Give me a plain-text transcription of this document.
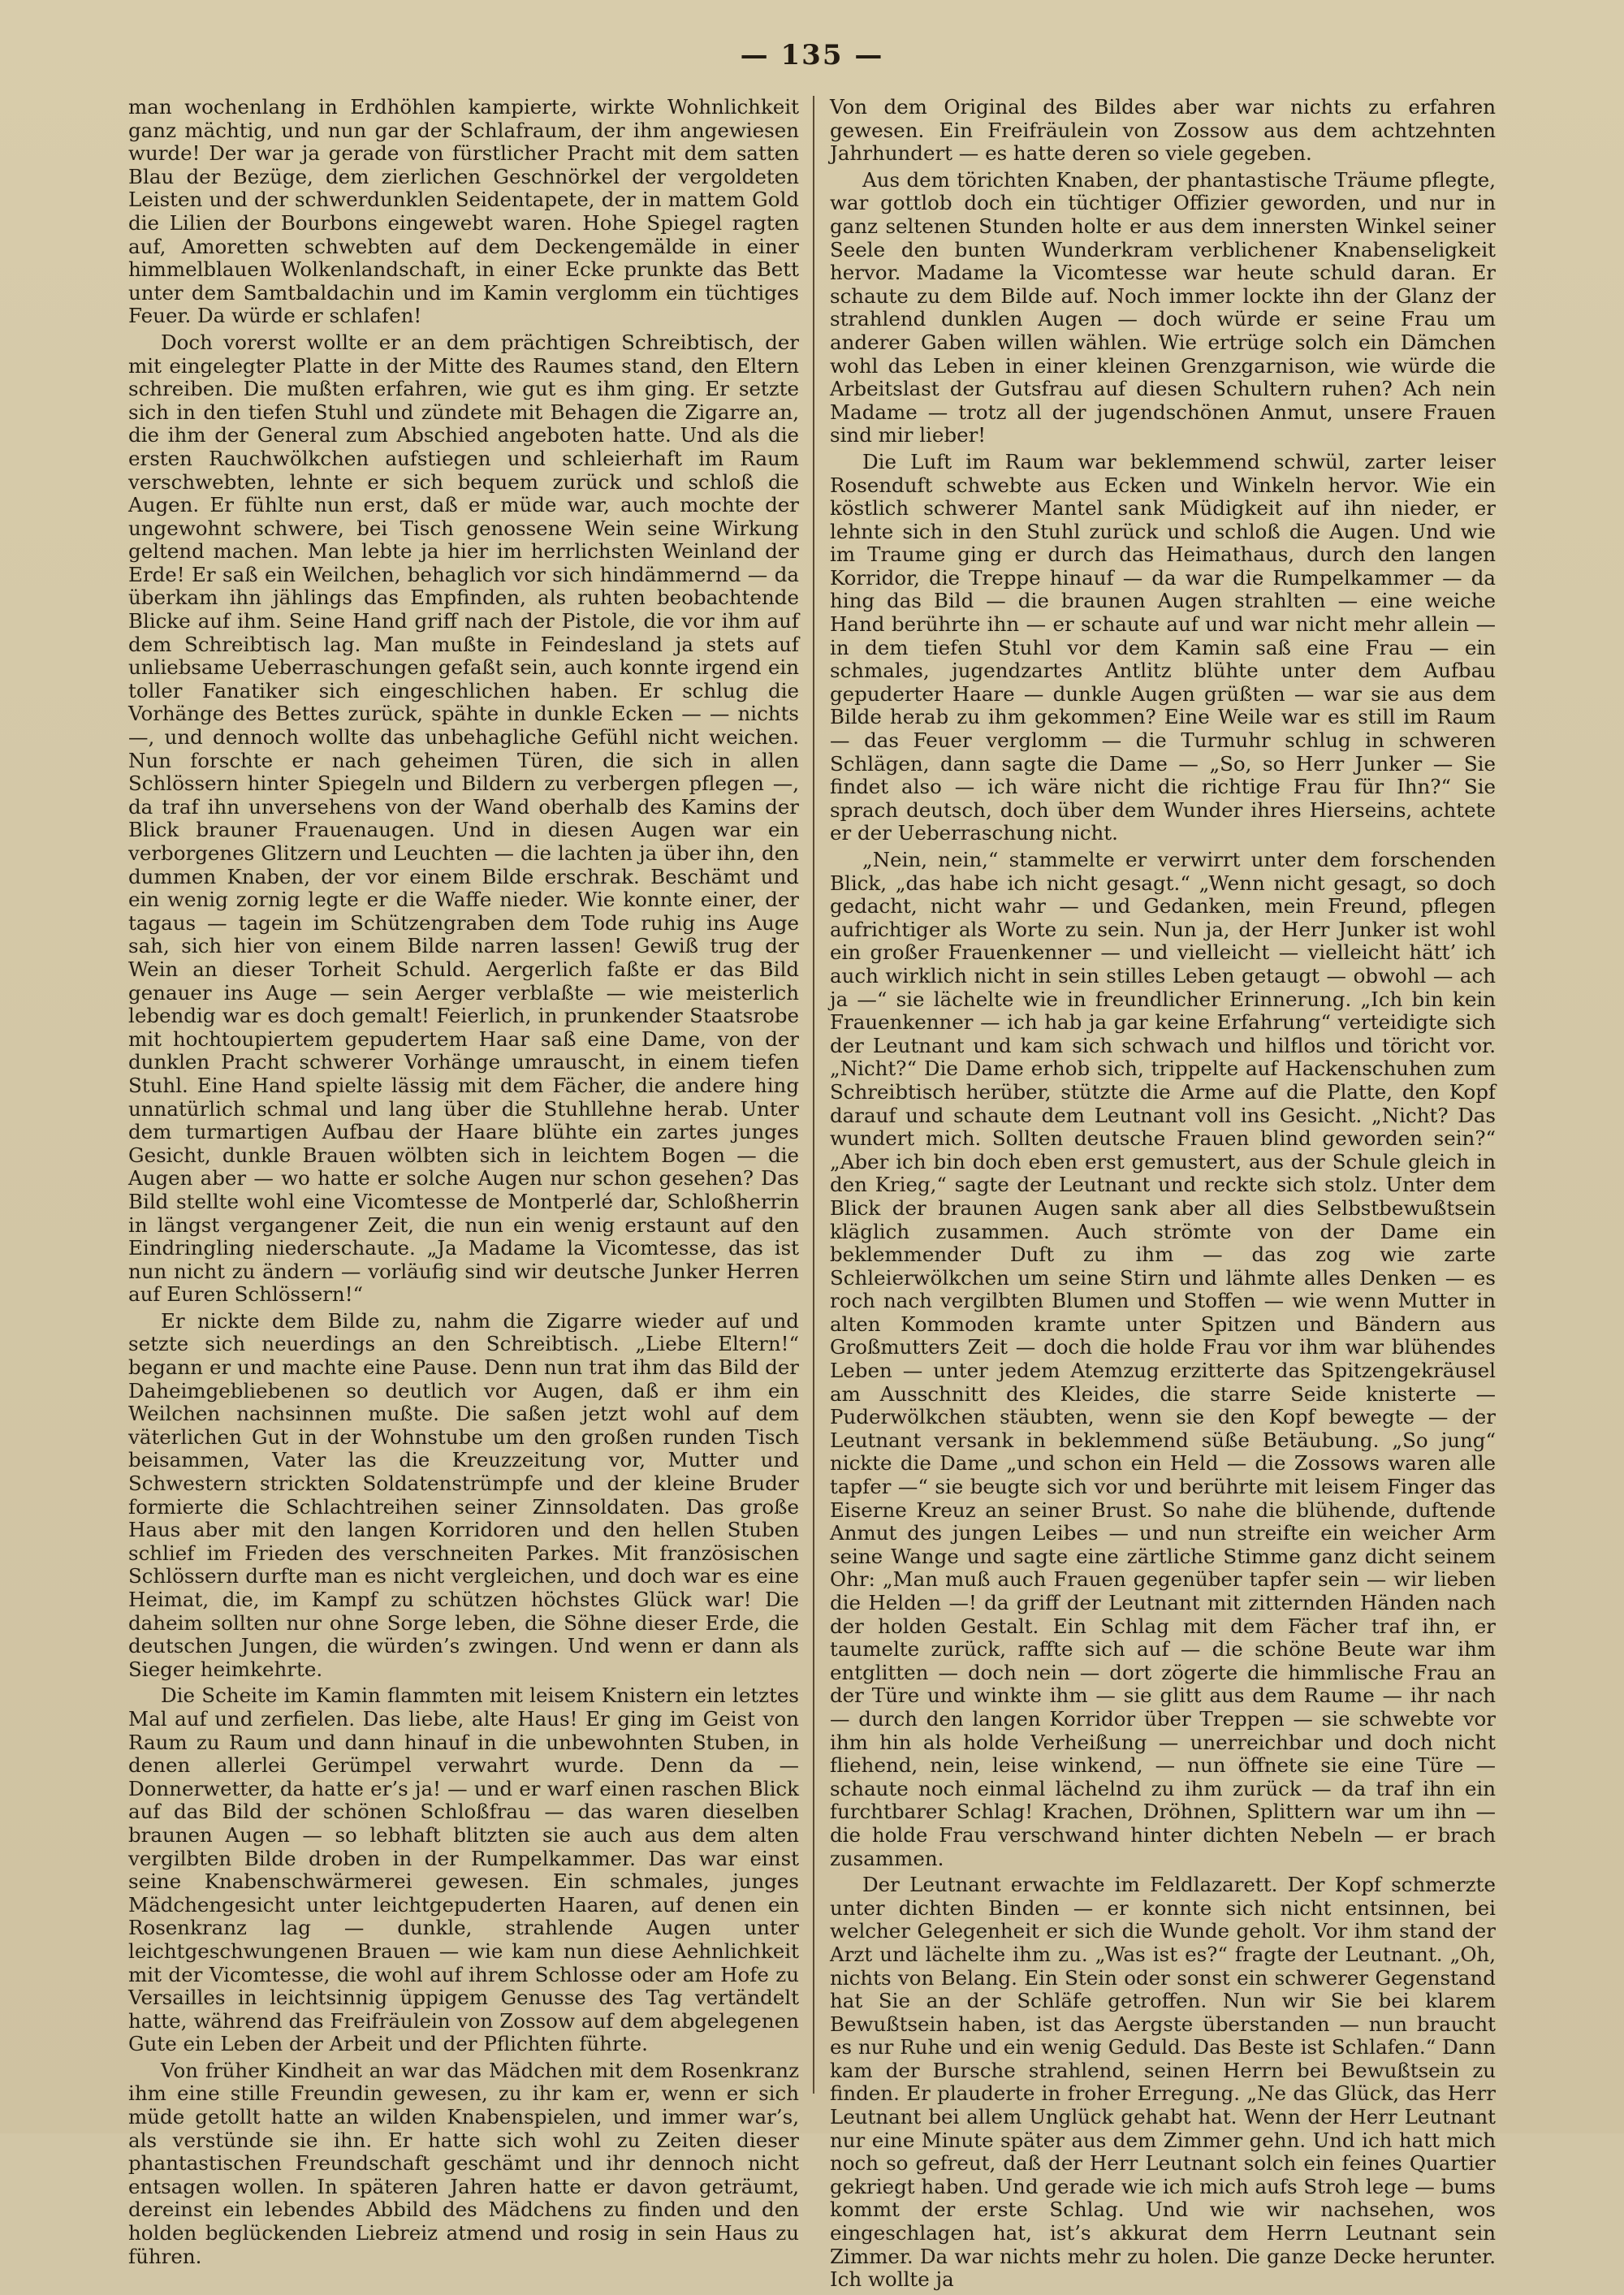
— 135 —

man wochenlang in Erdhöhlen kampierte, wirkte Wohnlichkeit ganz mächtig, und nun gar der Schlafraum, der ihm angewiesen wurde! Der war ja gerade von fürstlicher Pracht mit dem satten Blau der Bezüge, dem zierlichen Geschnörkel der vergoldeten Leisten und der schwerdunklen Seidentapete, der in mattem Gold die Lilien der Bourbons eingewebt waren. Hohe Spiegel ragten auf, Amoretten schwebten auf dem Deckengemälde in einer himmelblauen Wolkenlandschaft, in einer Ecke prunkte das Bett unter dem Samtbaldachin und im Kamin verglomm ein tüchtiges Feuer. Da würde er schlafen!

Doch vorerst wollte er an dem prächtigen Schreibtisch, der mit eingelegter Platte in der Mitte des Raumes stand, den Eltern schreiben. Die mußten erfahren, wie gut es ihm ging. Er setzte sich in den tiefen Stuhl und zündete mit Behagen die Zigarre an, die ihm der General zum Abschied angeboten hatte. Und als die ersten Rauchwölkchen aufstiegen und schleierhaft im Raum verschwebten, lehnte er sich bequem zurück und schloß die Augen. Er fühlte nun erst, daß er müde war, auch mochte der ungewohnt schwere, bei Tisch genossene Wein seine Wirkung geltend machen. Man lebte ja hier im herrlichsten Weinland der Erde! Er saß ein Weilchen, behaglich vor sich hindämmernd — da überkam ihn jählings das Empfinden, als ruhten beobachtende Blicke auf ihm. Seine Hand griff nach der Pistole, die vor ihm auf dem Schreibtisch lag. Man mußte in Feindesland ja stets auf unliebsame Ueberraschungen gefaßt sein, auch konnte irgend ein toller Fanatiker sich eingeschlichen haben. Er schlug die Vorhänge des Bettes zurück, spähte in dunkle Ecken — — nichts —, und dennoch wollte das unbehagliche Gefühl nicht weichen. Nun forschte er nach geheimen Türen, die sich in allen Schlössern hinter Spiegeln und Bildern zu verbergen pflegen —, da traf ihn unversehens von der Wand oberhalb des Kamins der Blick brauner Frauenaugen. Und in diesen Augen war ein verborgenes Glitzern und Leuchten — die lachten ja über ihn, den dummen Knaben, der vor einem Bilde erschrak. Beschämt und ein wenig zornig legte er die Waffe nieder. Wie konnte einer, der tagaus — tagein im Schützengraben dem Tode ruhig ins Auge sah, sich hier von einem Bilde narren lassen! Gewiß trug der Wein an dieser Torheit Schuld. Aergerlich faßte er das Bild genauer ins Auge — sein Aerger verblaßte — wie meisterlich lebendig war es doch gemalt! Feierlich, in prunkender Staatsrobe mit hochtoupiertem gepudertem Haar saß eine Dame, von der dunklen Pracht schwerer Vorhänge umrauscht, in einem tiefen Stuhl. Eine Hand spielte lässig mit dem Fächer, die andere hing unnatürlich schmal und lang über die Stuhllehne herab. Unter dem turmartigen Aufbau der Haare blühte ein zartes junges Gesicht, dunkle Brauen wölbten sich in leichtem Bogen — die Augen aber — wo hatte er solche Augen nur schon gesehen? Das Bild stellte wohl eine Vicomtesse de Montperlé dar, Schloßherrin in längst vergangener Zeit, die nun ein wenig erstaunt auf den Eindringling niederschaute. „Ja Madame la Vicomtesse, das ist nun nicht zu ändern — vorläufig sind wir deutsche Junker Herren auf Euren Schlössern!“

Er nickte dem Bilde zu, nahm die Zigarre wieder auf und setzte sich neuerdings an den Schreibtisch. „Liebe Eltern!“ begann er und machte eine Pause. Denn nun trat ihm das Bild der Daheimgebliebenen so deutlich vor Augen, daß er ihm ein Weilchen nachsinnen mußte. Die saßen jetzt wohl auf dem väterlichen Gut in der Wohnstube um den großen runden Tisch beisammen, Vater las die Kreuzzeitung vor, Mutter und Schwestern strickten Soldatenstrümpfe und der kleine Bruder formierte die Schlachtreihen seiner Zinnsoldaten. Das große Haus aber mit den langen Korridoren und den hellen Stuben schlief im Frieden des verschneiten Parkes. Mit französischen Schlössern durfte man es nicht vergleichen, und doch war es eine Heimat, die, im Kampf zu schützen höchstes Glück war! Die daheim sollten nur ohne Sorge leben, die Söhne dieser Erde, die deutschen Jungen, die würden’s zwingen. Und wenn er dann als Sieger heimkehrte.

Die Scheite im Kamin flammten mit leisem Knistern ein letztes Mal auf und zerfielen. Das liebe, alte Haus! Er ging im Geist von Raum zu Raum und dann hinauf in die unbewohnten Stuben, in denen allerlei Gerümpel verwahrt wurde. Denn da — Donnerwetter, da hatte er’s ja! — und er warf einen raschen Blick auf das Bild der schönen Schloßfrau — das waren dieselben braunen Augen — so lebhaft blitzten sie auch aus dem alten vergilbten Bilde droben in der Rumpelkammer. Das war einst seine Knabenschwärmerei gewesen. Ein schmales, junges Mädchengesicht unter leichtgepuderten Haaren, auf denen ein Rosenkranz lag — dunkle, strahlende Augen unter leichtgeschwungenen Brauen — wie kam nun diese Aehnlichkeit mit der Vicomtesse, die wohl auf ihrem Schlosse oder am Hofe zu Versailles in leichtsinnig üppigem Genusse des Tag vertändelt hatte, während das Freifräulein von Zossow auf dem abgelegenen Gute ein Leben der Arbeit und der Pflichten führte.

Von früher Kindheit an war das Mädchen mit dem Rosenkranz ihm eine stille Freundin gewesen, zu ihr kam er, wenn er sich müde getollt hatte an wilden Knabenspielen, und immer war’s, als verstünde sie ihn. Er hatte sich wohl zu Zeiten dieser phantastischen Freundschaft geschämt und ihr dennoch nicht entsagen wollen. In späteren Jahren hatte er davon geträumt, dereinst ein lebendes Abbild des Mädchens zu finden und den holden beglückenden Liebreiz atmend und rosig in sein Haus zu führen.

Von dem Original des Bildes aber war nichts zu erfahren gewesen. Ein Freifräulein von Zossow aus dem achtzehnten Jahrhundert — es hatte deren so viele gegeben.

Aus dem törichten Knaben, der phantastische Träume pflegte, war gottlob doch ein tüchtiger Offizier geworden, und nur in ganz seltenen Stunden holte er aus dem innersten Winkel seiner Seele den bunten Wunderkram verblichener Knabenseligkeit hervor. Madame la Vicomtesse war heute schuld daran. Er schaute zu dem Bilde auf. Noch immer lockte ihn der Glanz der strahlend dunklen Augen — doch würde er seine Frau um anderer Gaben willen wählen. Wie ertrüge solch ein Dämchen wohl das Leben in einer kleinen Grenzgarnison, wie würde die Arbeitslast der Gutsfrau auf diesen Schultern ruhen? Ach nein Madame — trotz all der jugendschönen Anmut, unsere Frauen sind mir lieber!

Die Luft im Raum war beklemmend schwül, zarter leiser Rosenduft schwebte aus Ecken und Winkeln hervor. Wie ein köstlich schwerer Mantel sank Müdigkeit auf ihn nieder, er lehnte sich in den Stuhl zurück und schloß die Augen. Und wie im Traume ging er durch das Heimathaus, durch den langen Korridor, die Treppe hinauf — da war die Rumpelkammer — da hing das Bild — die braunen Augen strahlten — eine weiche Hand berührte ihn — er schaute auf und war nicht mehr allein — in dem tiefen Stuhl vor dem Kamin saß eine Frau — ein schmales, jugendzartes Antlitz blühte unter dem Aufbau gepuderter Haare — dunkle Augen grüßten — war sie aus dem Bilde herab zu ihm gekommen? Eine Weile war es still im Raum — das Feuer verglomm — die Turmuhr schlug in schweren Schlägen, dann sagte die Dame — „So, so Herr Junker — Sie findet also — ich wäre nicht die richtige Frau für Ihn?“ Sie sprach deutsch, doch über dem Wunder ihres Hierseins, achtete er der Ueberraschung nicht.

„Nein, nein,“ stammelte er verwirrt unter dem forschenden Blick, „das habe ich nicht gesagt.“ „Wenn nicht gesagt, so doch gedacht, nicht wahr — und Gedanken, mein Freund, pflegen aufrichtiger als Worte zu sein. Nun ja, der Herr Junker ist wohl ein großer Frauenkenner — und vielleicht — vielleicht hätt’ ich auch wirklich nicht in sein stilles Leben getaugt — obwohl — ach ja —“ sie lächelte wie in freundlicher Erinnerung. „Ich bin kein Frauenkenner — ich hab ja gar keine Erfahrung“ verteidigte sich der Leutnant und kam sich schwach und hilflos und töricht vor. „Nicht?“ Die Dame erhob sich, trippelte auf Hackenschuhen zum Schreibtisch herüber, stützte die Arme auf die Platte, den Kopf darauf und schaute dem Leutnant voll ins Gesicht. „Nicht? Das wundert mich. Sollten deutsche Frauen blind geworden sein?“ „Aber ich bin doch eben erst gemustert, aus der Schule gleich in den Krieg,“ sagte der Leutnant und reckte sich stolz. Unter dem Blick der braunen Augen sank aber all dies Selbstbewußtsein kläglich zusammen. Auch strömte von der Dame ein beklemmender Duft zu ihm — das zog wie zarte Schleierwölkchen um seine Stirn und lähmte alles Denken — es roch nach vergilbten Blumen und Stoffen — wie wenn Mutter in alten Kommoden kramte unter Spitzen und Bändern aus Großmutters Zeit — doch die holde Frau vor ihm war blühendes Leben — unter jedem Atemzug erzitterte das Spitzengekräusel am Ausschnitt des Kleides, die starre Seide knisterte — Puderwölkchen stäubten, wenn sie den Kopf bewegte — der Leutnant versank in beklemmend süße Betäubung. „So jung“ nickte die Dame „und schon ein Held — die Zossows waren alle tapfer —“ sie beugte sich vor und berührte mit leisem Finger das Eiserne Kreuz an seiner Brust. So nahe die blühende, duftende Anmut des jungen Leibes — und nun streifte ein weicher Arm seine Wange und sagte eine zärtliche Stimme ganz dicht seinem Ohr: „Man muß auch Frauen gegenüber tapfer sein — wir lieben die Helden —! da griff der Leutnant mit zitternden Händen nach der holden Gestalt. Ein Schlag mit dem Fächer traf ihn, er taumelte zurück, raffte sich auf — die schöne Beute war ihm entglitten — doch nein — dort zögerte die himmlische Frau an der Türe und winkte ihm — sie glitt aus dem Raume — ihr nach — durch den langen Korridor über Treppen — sie schwebte vor ihm hin als holde Verheißung — unerreichbar und doch nicht fliehend, nein, leise winkend, — nun öffnete sie eine Türe — schaute noch einmal lächelnd zu ihm zurück — da traf ihn ein furchtbarer Schlag! Krachen, Dröhnen, Splittern war um ihn — die holde Frau verschwand hinter dichten Nebeln — er brach zusammen.

Der Leutnant erwachte im Feldlazarett. Der Kopf schmerzte unter dichten Binden — er konnte sich nicht entsinnen, bei welcher Gelegenheit er sich die Wunde geholt. Vor ihm stand der Arzt und lächelte ihm zu. „Was ist es?“ fragte der Leutnant. „Oh, nichts von Belang. Ein Stein oder sonst ein schwerer Gegenstand hat Sie an der Schläfe getroffen. Nun wir Sie bei klarem Bewußtsein haben, ist das Aergste überstanden — nun braucht es nur Ruhe und ein wenig Geduld. Das Beste ist Schlafen.“ Dann kam der Bursche strahlend, seinen Herrn bei Bewußtsein zu finden. Er plauderte in froher Erregung. „Ne das Glück, das Herr Leutnant bei allem Unglück gehabt hat. Wenn der Herr Leutnant nur eine Minute später aus dem Zimmer gehn. Und ich hatt mich noch so gefreut, daß der Herr Leutnant solch ein feines Quartier gekriegt haben. Und gerade wie ich mich aufs Stroh lege — bums kommt der erste Schlag. Und wie wir nachsehen, wos eingeschlagen hat, ist’s akkurat dem Herrn Leutnant sein Zimmer. Da war nichts mehr zu holen. Die ganze Decke herunter. Ich wollte ja
